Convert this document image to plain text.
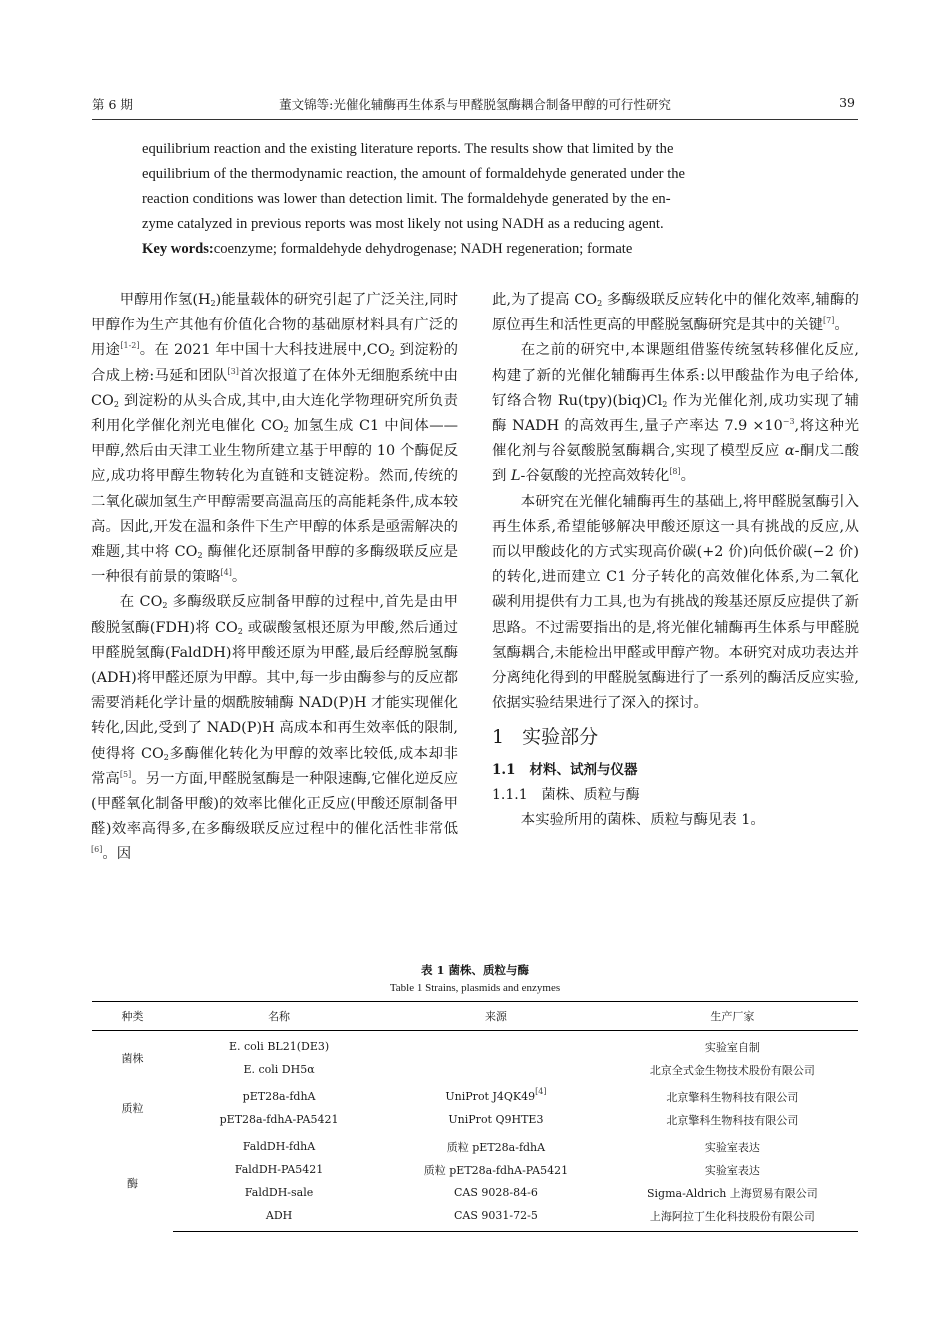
第 6 期	董文锦等:光催化辅酶再生体系与甲醛脱氢酶耦合制备甲醇的可行性研究	39

equilibrium reaction and the existing literature reports. The results show that limited by the

equilibrium of the thermodynamic reaction, the amount of formaldehyde generated under the

reaction conditions was lower than detection limit. The formaldehyde generated by the en-

zyme catalyzed in previous reports was most likely not using NADH as a reducing agent.

Key words:coenzyme; formaldehyde dehydrogenase; NADH regeneration; formate

甲醇用作氢$(H_2)$能量载体的研究引起了广泛关注,同时甲醇作为生产其他有价值化合物的基础原材料具有广泛的用途[1-2]。在 2021 年中国十大科技进展中$,CO_2$ 到淀粉的合成上榜:马延和团队[3]首次报道了在体外无细胞系统中由 $CO_2$ 到淀粉的从头合成,其中,由大连化学物理研究所负责利用化学催化剂光电催化 $CO_2$ 加氢生成 C1 中间体——甲醇,然后由天津工业生物所建立基于甲醇的 10 个酶促反应,成功将甲醇生物转化为直链和支链淀粉。然而,传统的二氧化碳加氢生产甲醇需要高温高压的高能耗条件,成本较高。因此,开发在温和条件下生产甲醇的体系是亟需解决的难题,其中将 $CO_2$ 酶催化还原制备甲醇的多酶级联反应是一种很有前景的策略[4]。

在 $CO_2$ 多酶级联反应制备甲醇的过程中,首先是由甲酸脱氢酶(FDH)将 $CO_2$ 或碳酸氢根还原为甲酸,然后通过甲醛脱氢酶(FaldDH)将甲酸还原为甲醛,最后经醇脱氢酶(ADH)将甲醛还原为甲醇。其中,每一步由酶参与的反应都需要消耗化学计量的烟酰胺辅酶 NAD(P)H 才能实现催化转化,因此,受到了 NAD(P)H 高成本和再生效率低的限制,使得将 $CO_2$多酶催化转化为甲醇的效率比较低,成本却非常高[5]。另一方面,甲醛脱氢酶是一种限速酶,它催化逆反应(甲醛氧化制备甲酸)的效率比催化正反应(甲酸还原制备甲醛)效率高得多,在多酶级联反应过程中的催化活性非常低[6]。因

此,为了提高 $CO_2$ 多酶级联反应转化中的催化效率,辅酶的原位再生和活性更高的甲醛脱氢酶研究是其中的关键[7]。

在之前的研究中,本课题组借鉴传统氢转移催化反应,构建了新的光催化辅酶再生体系:以甲酸盐作为电子给体,钌络合物 $Ru(tpy)(biq)Cl_2$ 作为光催化剂,成功实现了辅酶 NADH 的高效再生,量子产率达 $7.9 \times 10^{-3}$,将这种光催化剂与谷氨酸脱氢酶耦合,实现了模型反应 α-酮戊二酸到 L-谷氨酸的光控高效转化[8]。

本研究在光催化辅酶再生的基础上,将甲醛脱氢酶引入再生体系,希望能够解决甲酸还原这一具有挑战的反应,从而以甲酸歧化的方式实现高价碳(+2 价)向低价碳(−2 价)的转化,进而建立 C1 分子转化的高效催化体系,为二氧化碳利用提供有力工具,也为有挑战的羧基还原反应提供了新思路。不过需要指出的是,将光催化辅酶再生体系与甲醛脱氢酶耦合,未能检出甲醛或甲醇产物。本研究对成功表达并分离纯化得到的甲醛脱氢酶进行了一系列的酶活反应实验,依据实验结果进行了深入的探讨。

1 实验部分

1.1 材料、试剂与仪器

1.1.1 菌株、质粒与酶

本实验所用的菌株、质粒与酶见表 1。

表 1 菌株、质粒与酶
Table 1 Strains, plasmids and enzymes
种类	名称	来源	生产厂家
菌株	E. coli BL21(DE3)		实验室自制
	E. coli DH5α		北京全式金生物技术股份有限公司
质粒	pET28a-fdhA	UniProt J4QK49[4]	北京擎科生物科技有限公司
	pET28a-fdhA-PA5421	UniProt Q9HTE3	北京擎科生物科技有限公司
酶	FaldDH-fdhA	质粒 pET28a-fdhA	实验室表达
	FaldDH-PA5421	质粒 pET28a-fdhA-PA5421	实验室表达
	FaldDH-sale	CAS 9028-84-6	Sigma-Aldrich 上海贸易有限公司
	ADH	CAS 9031-72-5	上海阿拉丁生化科技股份有限公司
